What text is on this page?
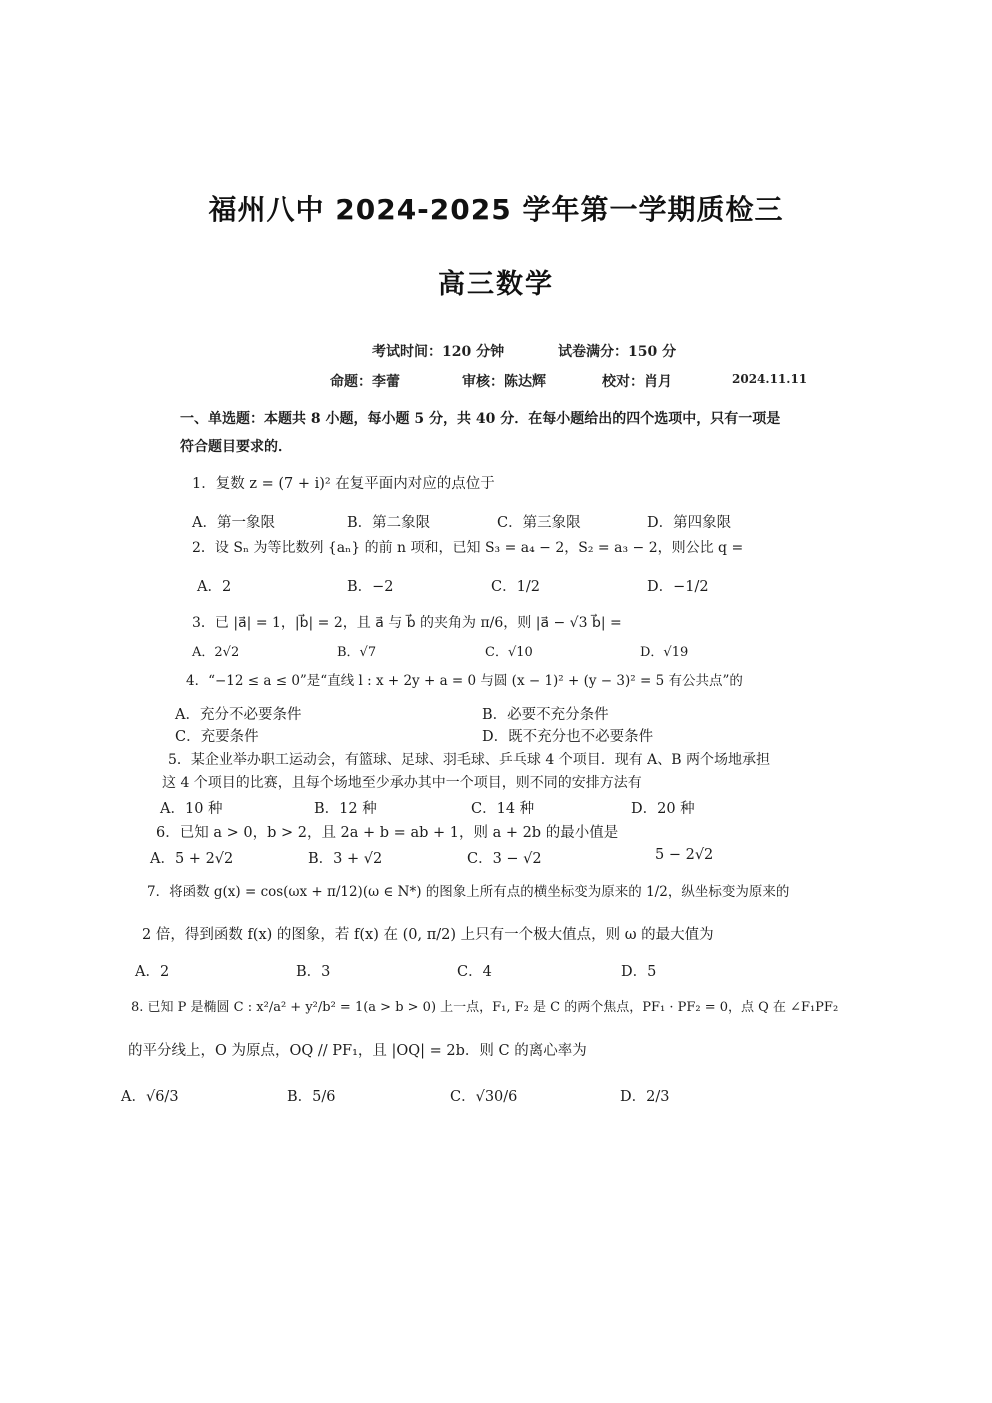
福州八中 2024-2025 学年第一学期质检三
高三数学
考试时间：120 分钟	试卷满分：150 分
命题：李蕾	审核：陈达辉	校对：肖月	2024.11.11
一、单选题：本题共 8 小题，每小题 5 分，共 40 分．在每小题给出的四个选项中，只有一项是
符合题目要求的．
1．复数 z = (7 + i)² 在复平面内对应的点位于
A．第一象限	B．第二象限	C．第三象限	D．第四象限
2．设 Sₙ 为等比数列 {aₙ} 的前 n 项和，已知 S₃ = a₄ − 2，S₂ = a₃ − 2，则公比 q =
A．2	B．−2	C．1/2	D．−1/2
3．已 |a⃗| = 1，|b⃗| = 2，且 a⃗ 与 b⃗ 的夹角为 π/6，则 |a⃗ − √3 b⃗| =
A．2√2	B．√7	C．√10	D．√19
4．“−12 ≤ a ≤ 0”是“直线 l : x + 2y + a = 0 与圆 (x − 1)² + (y − 3)² = 5 有公共点”的
A．充分不必要条件	B．必要不充分条件
C．充要条件	D．既不充分也不必要条件
5．某企业举办职工运动会，有篮球、足球、羽毛球、乒乓球 4 个项目．现有 A、B 两个场地承担
这 4 个项目的比赛，且每个场地至少承办其中一个项目，则不同的安排方法有
A．10 种	B．12 种	C．14 种	D．20 种
6．已知 a > 0，b > 2，且 2a + b = ab + 1，则 a + 2b 的最小值是
A．5 + 2√2	B．3 + √2	C．3 − √2	5 − 2√2
7．将函数 g(x) = cos(ωx + π/12)(ω ∈ N*) 的图象上所有点的横坐标变为原来的 1/2，纵坐标变为原来的
2 倍，得到函数 f(x) 的图象，若 f(x) 在 (0, π/2) 上只有一个极大值点，则 ω 的最大值为
A．2	B．3	C．4	D．5
8. 已知 P 是椭圆 C : x²/a² + y²/b² = 1(a > b > 0) 上一点，F₁, F₂ 是 C 的两个焦点，PF₁ · PF₂ = 0，点 Q 在 ∠F₁PF₂
的平分线上，O 为原点，OQ // PF₁，且 |OQ| = 2b．则 C 的离心率为
A．√6/3	B．5/6	C．√30/6	D．2/3
